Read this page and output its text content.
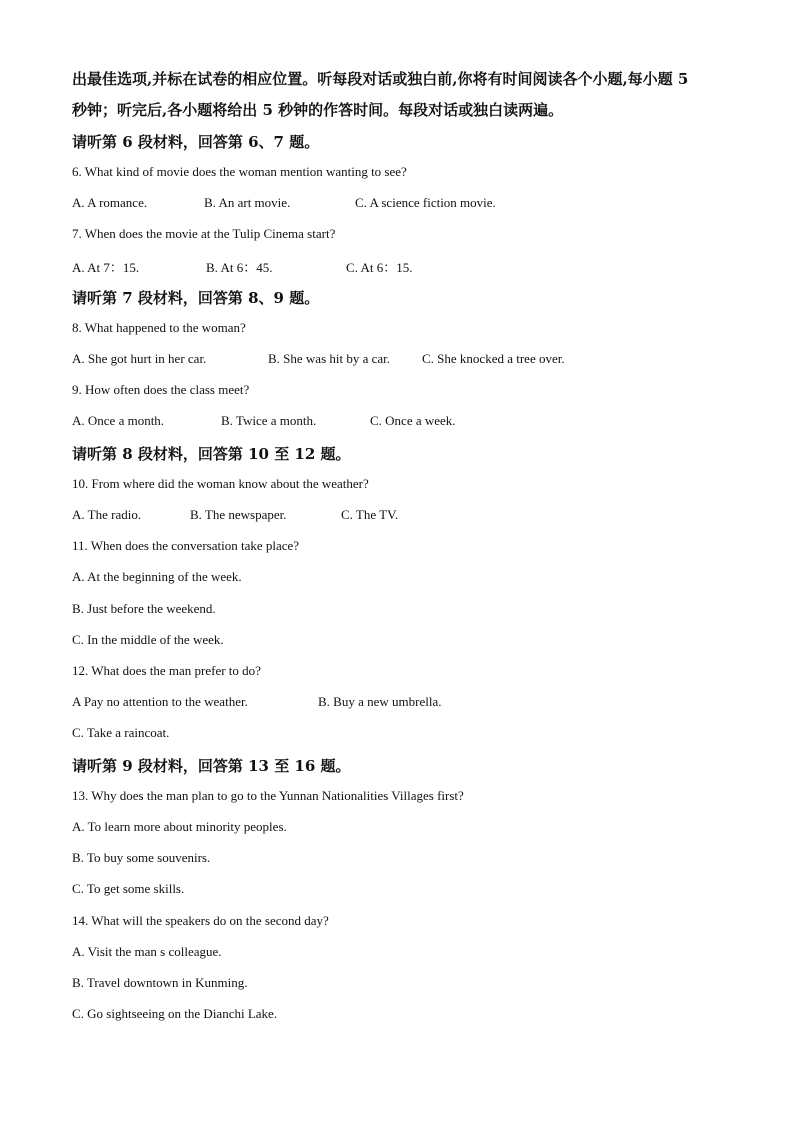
出最佳选项,并标在试卷的相应位置。听每段对话或独白前,你将有时间阅读各个小题,每小题 5
秒钟；听完后,各小题将给出 5 秒钟的作答时间。每段对话或独白读两遍。
请听第 6 段材料，回答第 6、7 题。
6. What kind of movie does the woman mention wanting to see?
A. A romance.	B. An art movie.	C. A science fiction movie.
7. When does the movie at the Tulip Cinema start?
A. At 7：15.	B. At 6：45.	C. At 6：15.
请听第 7 段材料，回答第 8、9 题。
8. What happened to the woman?
A. She got hurt in her car.	B. She was hit by a car. C. She knocked a tree over.
9. How often does the class meet?
A. Once a month.	B. Twice a month.	C. Once a week.
请听第 8 段材料，回答第 10 至 12 题。
10. From where did the woman know about the weather?
A. The radio.	B. The newspaper.	C. The TV.
11. When does the conversation take place?
A. At the beginning of the week.
B. Just before the weekend.
C. In the middle of the week.
12. What does the man prefer to do?
A Pay no attention to the weather.	B. Buy a new umbrella.
C. Take a raincoat.
请听第 9 段材料，回答第 13 至 16 题。
13. Why does the man plan to go to the Yunnan Nationalities Villages first?
A. To learn more about minority peoples.
B. To buy some souvenirs.
C. To get some skills.
14. What will the speakers do on the second day?
A. Visit the man s colleague.
B. Travel downtown in Kunming.
C. Go sightseeing on the Dianchi Lake.
